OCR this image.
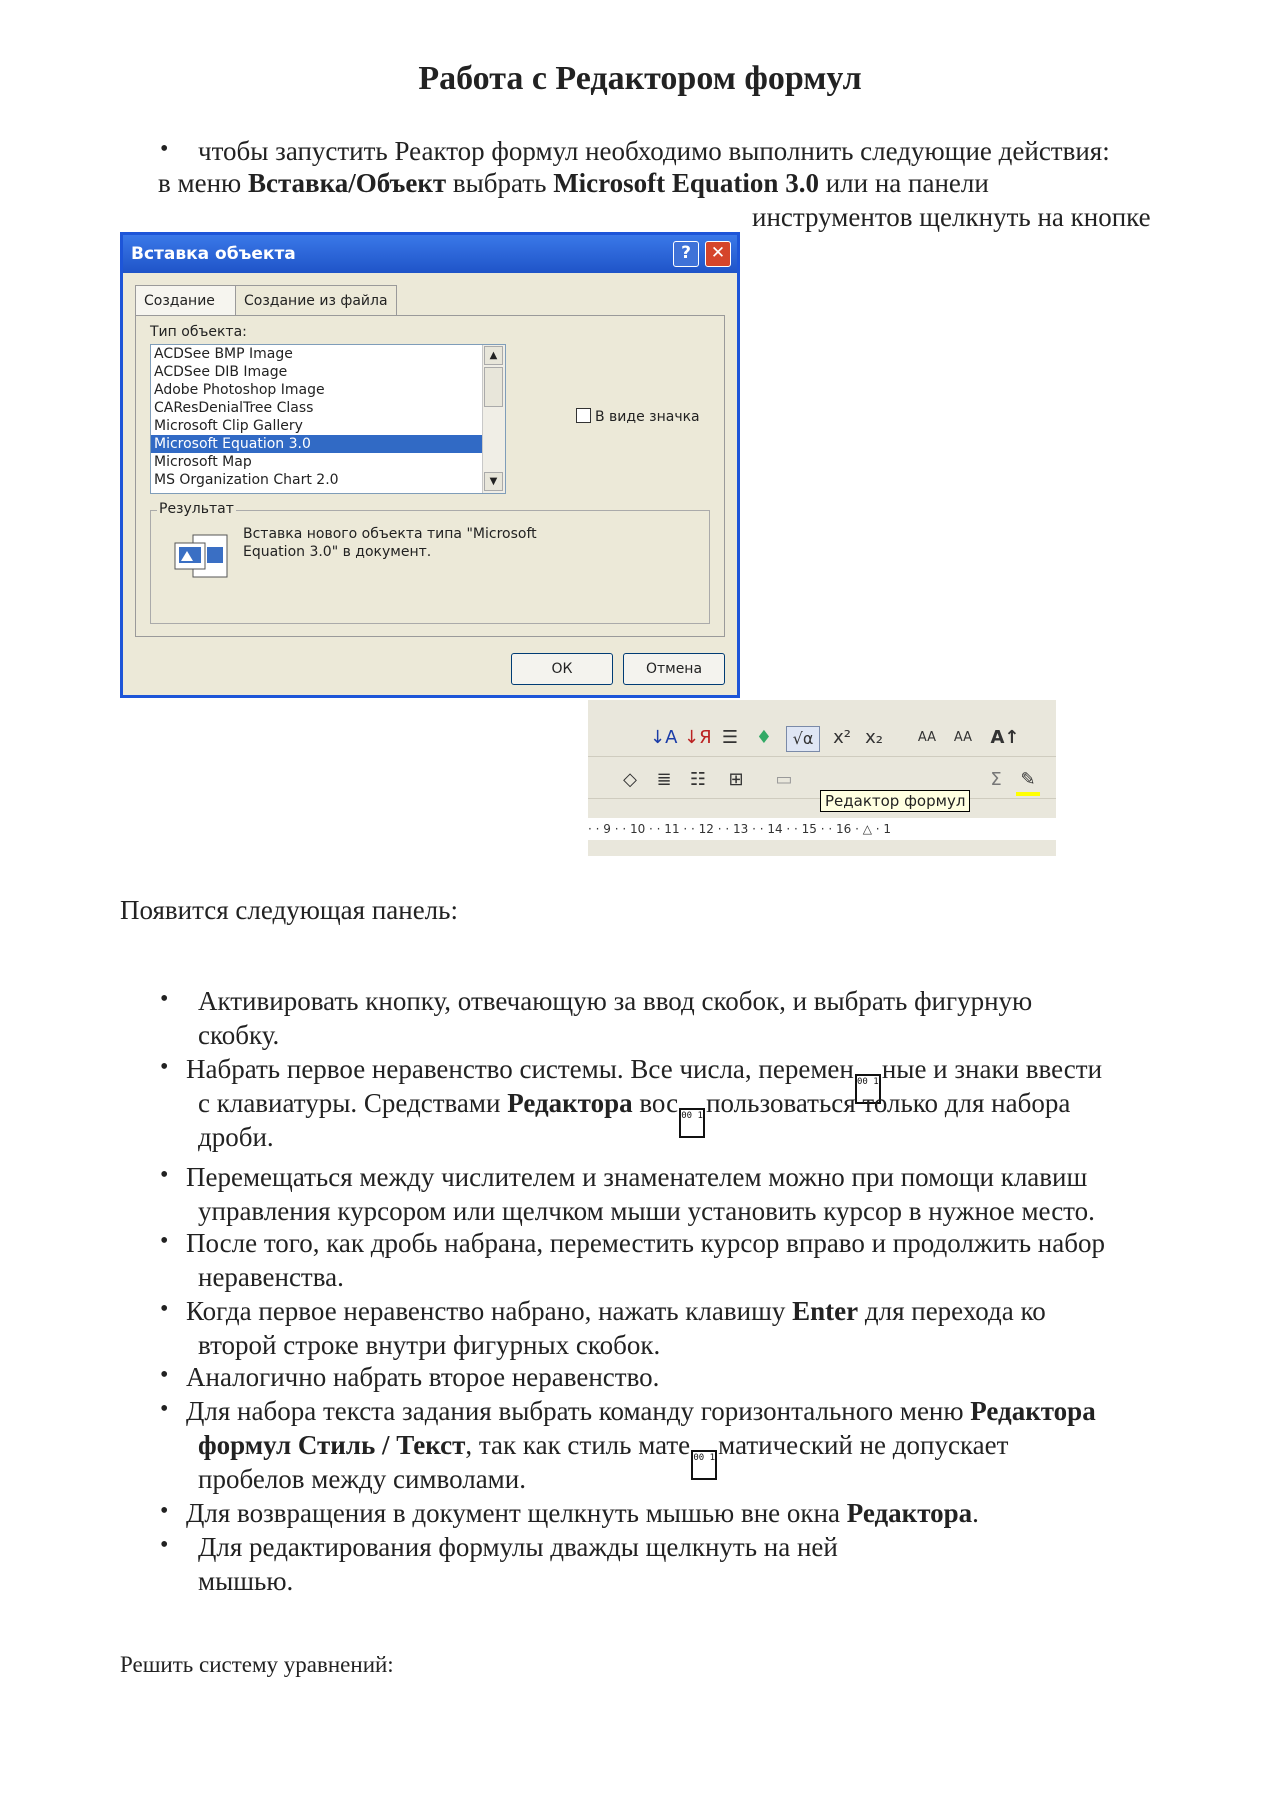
Работа с Редактором формул
• чтобы запустить Реактор формул необходимо выполнить следующие действия:
в меню Вставка/Объект выбрать Microsoft Equation 3.0 или на панели
инструментов щелкнуть на кнопке
Вставка объекта	?	✕
Создание	Создание из файла
Тип объекта:
ACDSee BMP Image
ACDSee DIB Image
Adobe Photoshop Image
CAResDenialTree Class
Microsoft Clip Gallery
Microsoft Equation 3.0
Microsoft Map
MS Organization Chart 2.0
▲
▼
В виде значка
Результат
Вставка нового объекта типа "Microsoft Equation 3.0" в документ.
ОК	Отмена
↓A ↓Я ☰ ♦	√α	x² x₂	AA	AA	A↑
◇ ≣ ☷ ⊞ ▭	Σ	✎
Редактор формул
· · 9 · · 10 · · 11 · · 12 · · 13 · · 14 · · 15 · · 16 · △ · 1
Появится следующая панель:
• Активировать кнопку, отвечающую за ввод скобок, и выбрать фигурную
скобку.
• Набрать первое неравенство системы. Все числа, перемен 00 1 ные и знаки ввести
с клавиатуры. Средствами Редактора вос 00 1 пользоваться только для набора
дроби.
• Перемещаться между числителем и знаменателем можно при помощи клавиш
управления курсором или щелчком мыши установить курсор в нужное место.
• После того, как дробь набрана, переместить курсор вправо и продолжить набор
неравенства.
• Когда первое неравенство набрано, нажать клавишу Enter для перехода ко
второй строке внутри фигурных скобок.
• Аналогично набрать второе неравенство.
• Для набора текста задания выбрать команду горизонтального меню Редактора
формул Стиль / Текст, так как стиль мате 00 1 матический не допускает
пробелов между символами.
• Для возвращения в документ щелкнуть мышью вне окна Редактора.
• Для редактирования формулы дважды щелкнуть на ней
мышью.
Решить систему уравнений:
